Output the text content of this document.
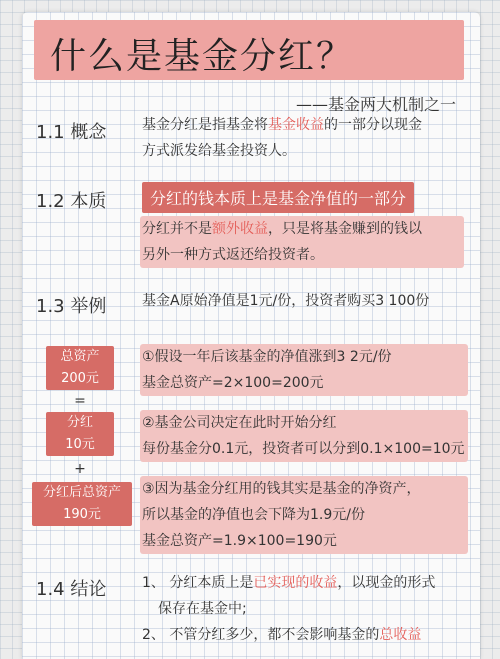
什么是基金分红？
——基金两大机制之一
1.1 概念	基金分红是指基金将基金收益的一部分以现金
方式派发给基金投资人。
1.2 本质	分红的钱本质上是基金净值的一部分
分红并不是额外收益，只是将基金赚到的钱以
另外一种方式返还给投资者。
1.3 举例	基金A原始净值是1元/份，投资者购买3 100份
总资产
200元
=
分红
10元
+
分红后总资产
190元
①假设一年后该基金的净值涨到3 2元/份
基金总资产=2×100=200元
②基金公司决定在此时开始分红
每份基金分0.1元，投资者可以分到0.1×100=10元
③因为基金分红用的钱其实是基金的净资产，
所以基金的净值也会下降为1.9元/份
基金总资产=1.9×100=190元
1.4 结论	1、 分红本质上是已实现的收益，以现金的形式
保存在基金中;
2、 不管分红多少，都不会影响基金的总收益
